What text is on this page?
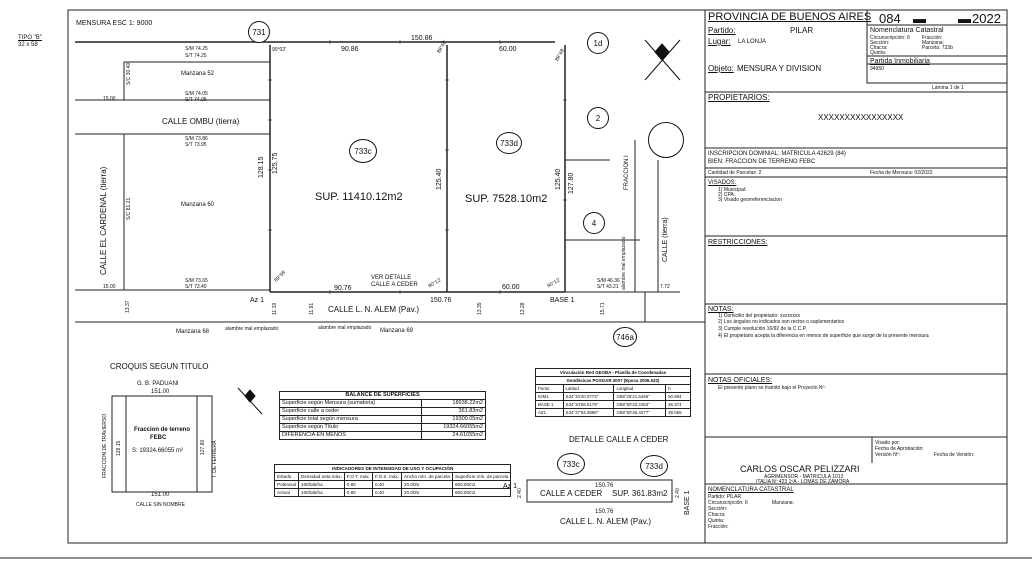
TIPO "B"
32 x 58
MENSURA ESC 1: 9000
731
1d
2
4
746a
733c
SUP. 11410.12m2
733d
SUP. 7528.10m2
CALLE OMBU (tierra)
CALLE EL CARDENAL (tierra)
CALLE L. N. ALEM (Pav.)
CALLE (tierra)
Manzana 52
Manzana 60
Manzana 68	Manzana 69
FRACCION I
VER DETALLE
CALLE A CEDER
alambre mal emplazado	alambre mal emplazado
alambre mal emplazado
90.86
150.86
60.00
90.76
150.76
60.00
128.15 125.75
125.40	125.40 127.80
S/M 74.25
S/T 74.25
S/M 74.05
S/T 74.05
S/M 73.86
S/T 73.95
S/M 73.65
S/T 73.40
S/M 46.36
S/T 43.21
S/C 30.40
S/C 81.21
15.00
15.00
13.37	11.19	11.91	13.35	13.28	15.71
7.72
Az 1	BASE 1
90°02'	89°48'
89°48'
89°58'	90°12'	90°12'
CROQUIS SEGUN TITULO
G. B. PADUANI
151.00
151.00
128.15	127.80
Fraccion de terreno
FEBC
S: 19324.66055 m²
FRACCION DE TRAVIERSO	T. DE FERRERA
CALLE SIN NOMBRE
BALANCE DE SUPERFICIES	
Superficie según Mensura (sumatoria)	18938.22m2
Superficie calle a ceder	361.83m2
Superficie total según mensura	19300.05m2
Superficie según Título	19324.66055m2
DIFERENCIA EN MENOS	24.61055m2
INDICADORES DE INTENSIDAD DE USO Y OCUPACIÓN					
Estado	Densidad neta máx.	F.O.T. máx.	F.O.S. máx.	Ancho mín. de parcela	Superficie mín. de parcela
Potencial	150hab/ha	0.80	0.40	20.00m	600.00m2
Actual	150hab/ha	0.80	0.40	20.00m	600.00m2
Vinculación Red GEOBA - Planilla de Coordenadas			
Geodésicas POSGAR 2007 (Epoca 2006.632)			
Punto	Latitud	Longitud	h
IGM1	S34°34'20.0773"	O58°26'21.5466"	50.894
BASE 1	S34°34'56.5179"	O58°50'33.2453"	36.374
AZ1	S34°27'54.3998"	O58°50'36.4277"	39.065
DETALLE CALLE A CEDER
733c	733d
150.76
CALLE A CEDER SUP. 361.83m2
150.76
2.40	2.40
Az 1
BASE 1
CALLE L. N. ALEM (Pav.)
PROVINCIA DE BUENOS AIRES 084 ▬ ▬ 2022
Partido:	PILAR
Lugar: LA LONJA
Nomenclatura Catastral
Circunscripción: 6
Sección:
Chacra:
Quinta:
Fracción:
Manzana:
Parcela: 733b
Partida Inmobiliaria
94950
Lámina 1 de 1
Objeto: MENSURA Y DIVISION
PROPIETARIOS:
XXXXXXXXXXXXXXXX
INSCRIPCION DOMINIAL: MATRICULA 42629 (84)
BIEN: FRACCION DE TERRENO FEBC
Cantidad de Parcelas: 2	Fecha de Mensura: 02/2022
VISADOS:
1) Municipal:
2) CPA:
3) Visado georreferenciacion
RESTRICCIONES:
NOTAS:
1) Domicilio del propietario: xxxxxxxx
2) Los ángulos no indicados son rectos o suplementarios
3) Cumple resolución 16/92 de la C.C.P.
4) El propietario acepta la diferencia en menos de superficie que surge de la presente mensura
NOTAS OFICIALES:
El presente plano se tramitó bajo el Proyecto Nº:
Visado por:
Fecha de Aprobación:
Versión Nº:	Fecha de Versión:
CARLOS OSCAR PELIZZARI
AGRIMENSOR - MATRICULA 1013
ITALIA Nº 423 1ºA - LOMAS DE ZAMORA
NOMENCLATURA CATASTRAL
Partido: PILAR
Circunscripción: 6
Sección:
Chacra:
Quinta:
Fracción:
Manzana:
